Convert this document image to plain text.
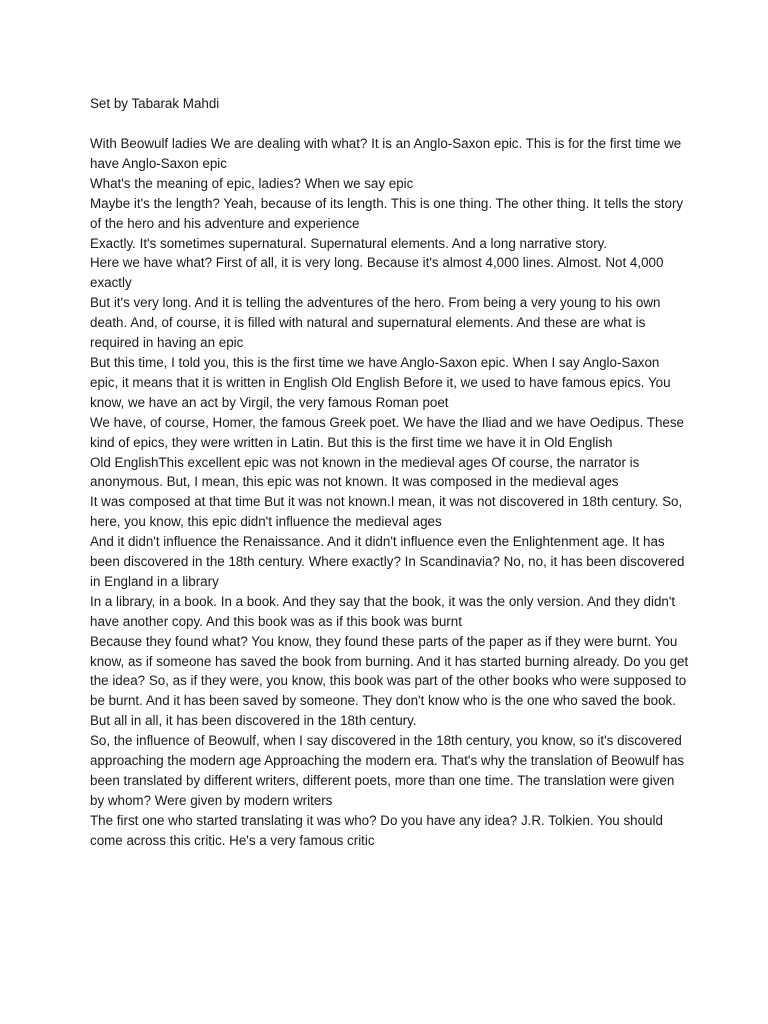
Set by Tabarak Mahdi

With Beowulf ladies We are dealing with what? It is an Anglo-Saxon epic. This is for the first time we have Anglo-Saxon epic

What's the meaning of epic, ladies? When we say epic

Maybe it's the length? Yeah, because of its length. This is one thing. The other thing. It tells the story of the hero and his adventure and experience

Exactly. It's sometimes supernatural. Supernatural elements. And a long narrative story.

Here we have what? First of all, it is very long. Because it's almost 4,000 lines. Almost. Not 4,000 exactly

But it's very long. And it is telling the adventures of the hero. From being a very young to his own death. And, of course, it is filled with natural and supernatural elements. And these are what is required in having an epic

But this time, I told you, this is the first time we have Anglo-Saxon epic. When I say Anglo-Saxon epic, it means that it is written in English Old English Before it, we used to have famous epics. You know, we have an act by Virgil, the very famous Roman poet

We have, of course, Homer, the famous Greek poet. We have the Iliad and we have Oedipus. These kind of epics, they were written in Latin. But this is the first time we have it in Old English

Old EnglishThis excellent epic was not known in the medieval ages Of course, the narrator is anonymous. But, I mean, this epic was not known. It was composed in the medieval ages

It was composed at that time But it was not known.I mean, it was not discovered in 18th century. So, here, you know, this epic didn't influence the medieval ages

And it didn't influence the Renaissance. And it didn't influence even the Enlightenment age. It has been discovered in the 18th century. Where exactly? In Scandinavia? No, no, it has been discovered in England in a library

In a library, in a book. In a book. And they say that the book, it was the only version. And they didn't have another copy. And this book was as if this book was burnt

Because they found what? You know, they found these parts of the paper as if they were burnt. You know, as if someone has saved the book from burning. And it has started burning already. Do you get the idea? So, as if they were, you know, this book was part of the other books who were supposed to be burnt. And it has been saved by someone. They don't know who is the one who saved the book. But all in all, it has been discovered in the 18th century.

So, the influence of Beowulf, when I say discovered in the 18th century, you know, so it's discovered approaching the modern age Approaching the modern era. That's why the translation of Beowulf has been translated by different writers, different poets, more than one time. The translation were given by whom? Were given by modern writers

The first one who started translating it was who? Do you have any idea? J.R. Tolkien. You should come across this critic. He's a very famous critic
